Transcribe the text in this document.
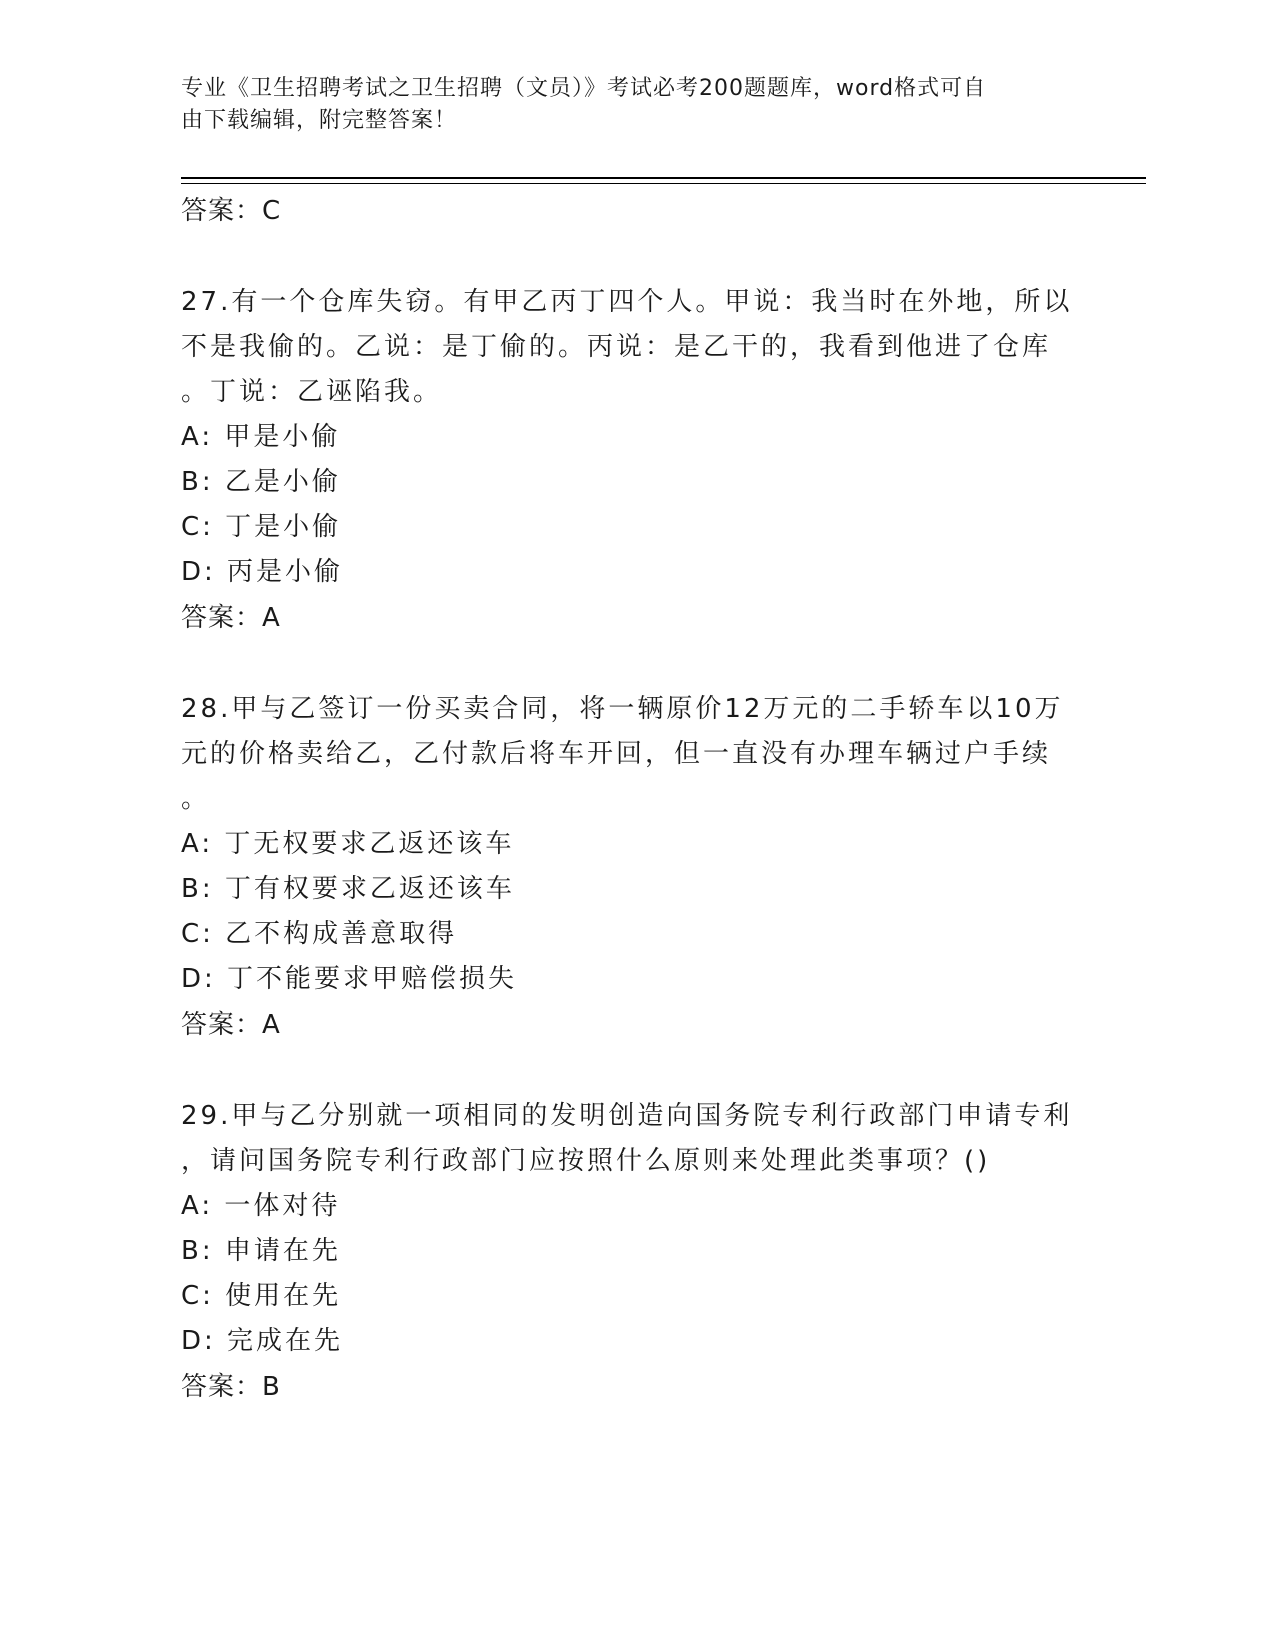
专业《卫生招聘考试之卫生招聘（文员）》考试必考200题题库，word格式可自
由下载编辑，附完整答案！
答案：C
27.有一个仓库失窃。有甲乙丙丁四个人。甲说：我当时在外地，所以
不是我偷的。乙说：是丁偷的。丙说：是乙干的，我看到他进了仓库
。丁说：乙诬陷我。
A: 甲是小偷
B: 乙是小偷
C: 丁是小偷
D: 丙是小偷
答案：A
28.甲与乙签订一份买卖合同，将一辆原价12万元的二手轿车以10万
元的价格卖给乙，乙付款后将车开回，但一直没有办理车辆过户手续
。
A: 丁无权要求乙返还该车
B: 丁有权要求乙返还该车
C: 乙不构成善意取得
D: 丁不能要求甲赔偿损失
答案：A
29.甲与乙分别就一项相同的发明创造向国务院专利行政部门申请专利
，请问国务院专利行政部门应按照什么原则来处理此类事项？()
A: 一体对待
B: 申请在先
C: 使用在先
D: 完成在先
答案：B
